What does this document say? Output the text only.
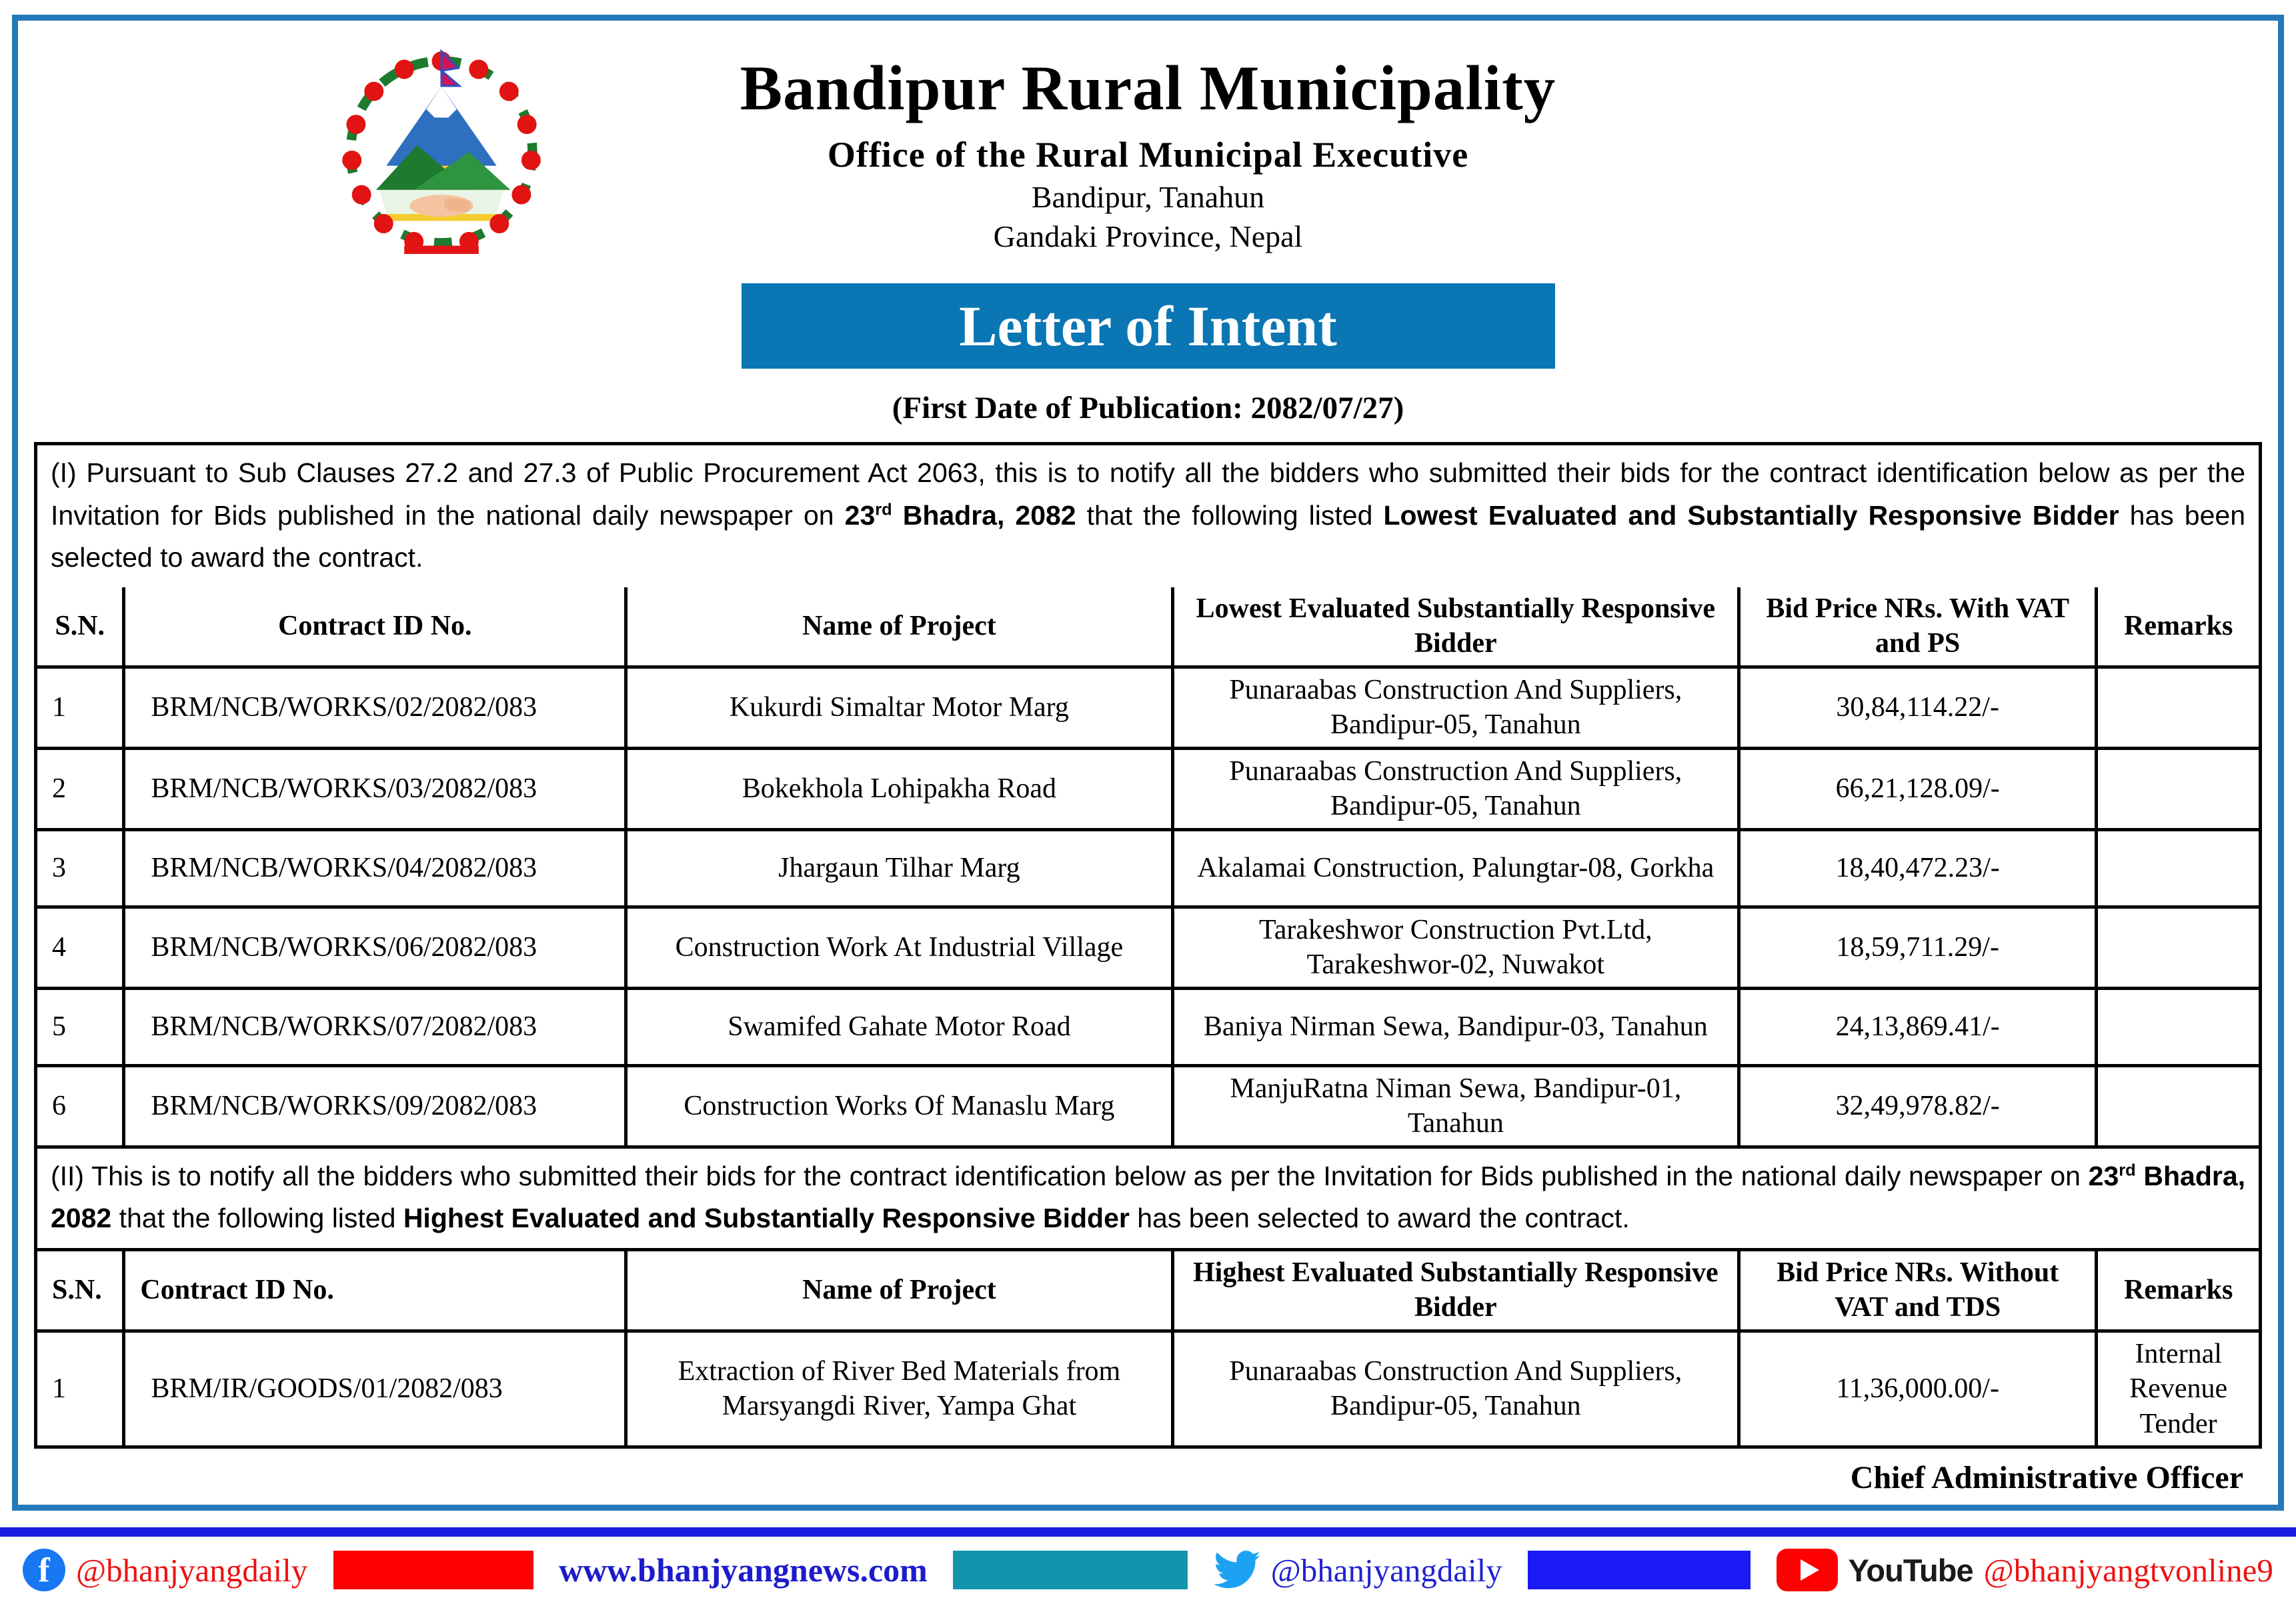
Bandipur Rural Municipality
Office of the Rural Municipal Executive
Bandipur, Tanahun
Gandaki Province, Nepal
Letter of Intent
(First Date of Publication: 2082/07/27)
(I) Pursuant to Sub Clauses 27.2 and 27.3 of Public Procurement Act 2063, this is to notify all the bidders who submitted their bids for the contract identification below as per the Invitation for Bids published in the national daily newspaper on 23rd Bhadra, 2082 that the following listed Lowest Evaluated and Substantially Responsive Bidder has been selected to award the contract.
S.N.	Contract ID No.	Name of Project	Lowest Evaluated Substantially Responsive Bidder	Bid Price NRs. With VAT and PS	Remarks
1	BRM/NCB/WORKS/02/2082/083	Kukurdi Simaltar Motor Marg	Punaraabas Construction And Suppliers, Bandipur-05, Tanahun	30,84,114.22/-	
2	BRM/NCB/WORKS/03/2082/083	Bokekhola Lohipakha Road	Punaraabas Construction And Suppliers, Bandipur-05, Tanahun	66,21,128.09/-	
3	BRM/NCB/WORKS/04/2082/083	Jhargaun Tilhar Marg	Akalamai Construction, Palungtar-08, Gorkha	18,40,472.23/-	
4	BRM/NCB/WORKS/06/2082/083	Construction Work At Industrial Village	Tarakeshwor Construction Pvt.Ltd, Tarakeshwor-02, Nuwakot	18,59,711.29/-	
5	BRM/NCB/WORKS/07/2082/083	Swamifed Gahate Motor Road	Baniya Nirman Sewa, Bandipur-03, Tanahun	24,13,869.41/-	
6	BRM/NCB/WORKS/09/2082/083	Construction Works Of Manaslu Marg	ManjuRatna Niman Sewa, Bandipur-01, Tanahun	32,49,978.82/-	
(II) This is to notify all the bidders who submitted their bids for the contract identification below as per the Invitation for Bids published in the national daily newspaper on 23rd Bhadra, 2082 that the following listed Highest Evaluated and Substantially Responsive Bidder has been selected to award the contract.
S.N.	Contract ID No.	Name of Project	Highest Evaluated Substantially Responsive Bidder	Bid Price NRs. Without VAT and TDS	Remarks
1	BRM/IR/GOODS/01/2082/083	Extraction of River Bed Materials from Marsyangdi River, Yampa Ghat	Punaraabas Construction And Suppliers, Bandipur-05, Tanahun	11,36,000.00/-	Internal Revenue Tender
Chief Administrative Officer
f @bhanjyangdaily	www.bhanjyangnews.com	@bhanjyangdaily	YouTube @bhanjyangtvonline9
